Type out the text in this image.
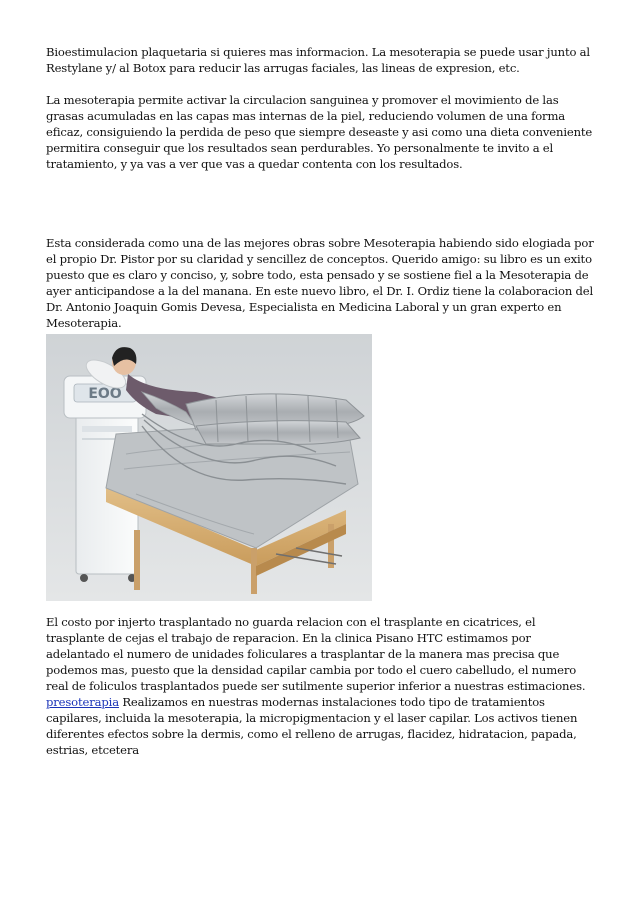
Bioestimulacion plaquetaria si quieres mas informacion. La mesoterapia se puede usar junto al Restylane y/ al Botox para reducir las arrugas faciales, las lineas de expresion, etc.

La mesoterapia permite activar la circulacion sanguinea y promover el movimiento de las grasas acumuladas en las capas mas internas de la piel, reduciendo volumen de una forma eficaz, consiguiendo la perdida de peso que siempre deseaste y asi como una dieta conveniente permitira conseguir que los resultados sean perdurables. Yo personalmente te invito a el tratamiento, y ya vas a ver que vas a quedar contenta con los resultados.

Esta considerada como una de las mejores obras sobre Mesoterapia habiendo sido elogiada por el propio Dr. Pistor por su claridad y sencillez de conceptos. Querido amigo: su libro es un exito puesto que es claro y conciso, y, sobre todo, esta pensado y se sostiene fiel a la Mesoterapia de ayer anticipandose a la del manana. En este nuevo libro, el Dr. I. Ordiz tiene la colaboracion del Dr. Antonio Joaquin Gomis Devesa, Especialista en Medicina Laboral y un gran experto en Mesoterapia.

EOO

El costo por injerto trasplantado no guarda relacion con el trasplante en cicatrices, el trasplante de cejas el trabajo de reparacion. En la clinica Pisano HTC estimamos por adelantado el numero de unidades foliculares a trasplantar de la manera mas precisa que podemos mas, puesto que la densidad capilar cambia por todo el cuero cabelludo, el numero real de foliculos trasplantados puede ser sutilmente superior inferior a nuestras estimaciones. presoterapia Realizamos en nuestras modernas instalaciones todo tipo de tratamientos capilares, incluida la mesoterapia, la micropigmentacion y el laser capilar. Los activos tienen diferentes efectos sobre la dermis, como el relleno de arrugas, flacidez, hidratacion, papada, estrias, etcetera
